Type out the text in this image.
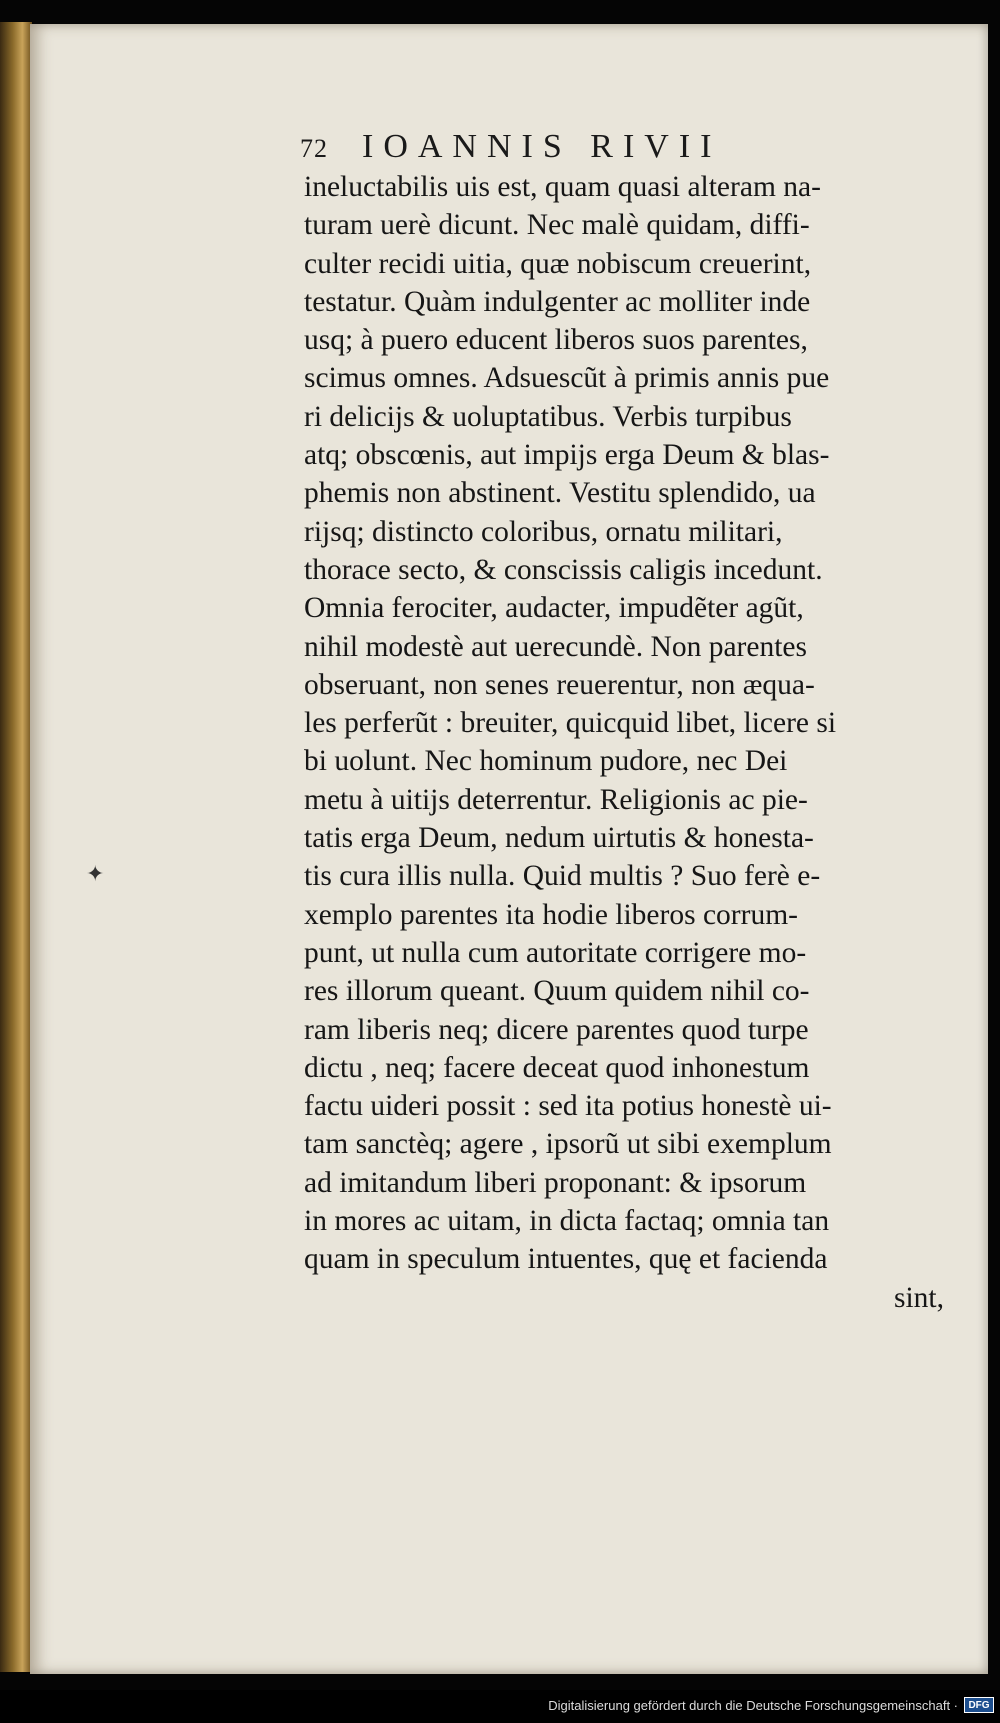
72 IOANNIS RIVII
ineluctabilis uis est, quam quasi alteram na-
turam uerè dicunt. Nec malè quidam, diffi-
culter recidi uitia, quæ nobiscum creuerint,
testatur. Quàm indulgenter ac molliter inde
usq; à puero educent liberos suos parentes,
scimus omnes. Adsuescũt à primis annis pue
ri delicijs & uoluptatibus. Verbis turpibus
atq; obscœnis, aut impijs erga Deum & blas-
phemis non abstinent. Vestitu splendido, ua
rijsq; distincto coloribus, ornatu militari,
thorace secto, & conscissis caligis incedunt.
Omnia ferociter, audacter, impudẽter agũt,
nihil modestè aut uerecundè. Non parentes
obseruant, non senes reuerentur, non æqua-
les perferũt : breuiter, quicquid libet, licere si
bi uolunt. Nec hominum pudore, nec Dei
metu à uitijs deterrentur. Religionis ac pie-
tatis erga Deum, nedum uirtutis & honesta-
tis cura illis nulla. Quid multis ? Suo ferè e-
xemplo parentes ita hodie liberos corrum-
punt, ut nulla cum autoritate corrigere mo-
res illorum queant. Quum quidem nihil co-
ram liberis neq; dicere parentes quod turpe
dictu , neq; facere deceat quod inhonestum
factu uideri possit : sed ita potius honestè ui-
tam sanctèq; agere , ipsorũ ut sibi exemplum
ad imitandum liberi proponant: & ipsorum
in mores ac uitam, in dicta factaq; omnia tan
quam in speculum intuentes, quę et facienda
sint,
✦
Digitalisierung gefördert durch die Deutsche Forschungsgemeinschaft ·	DFG
